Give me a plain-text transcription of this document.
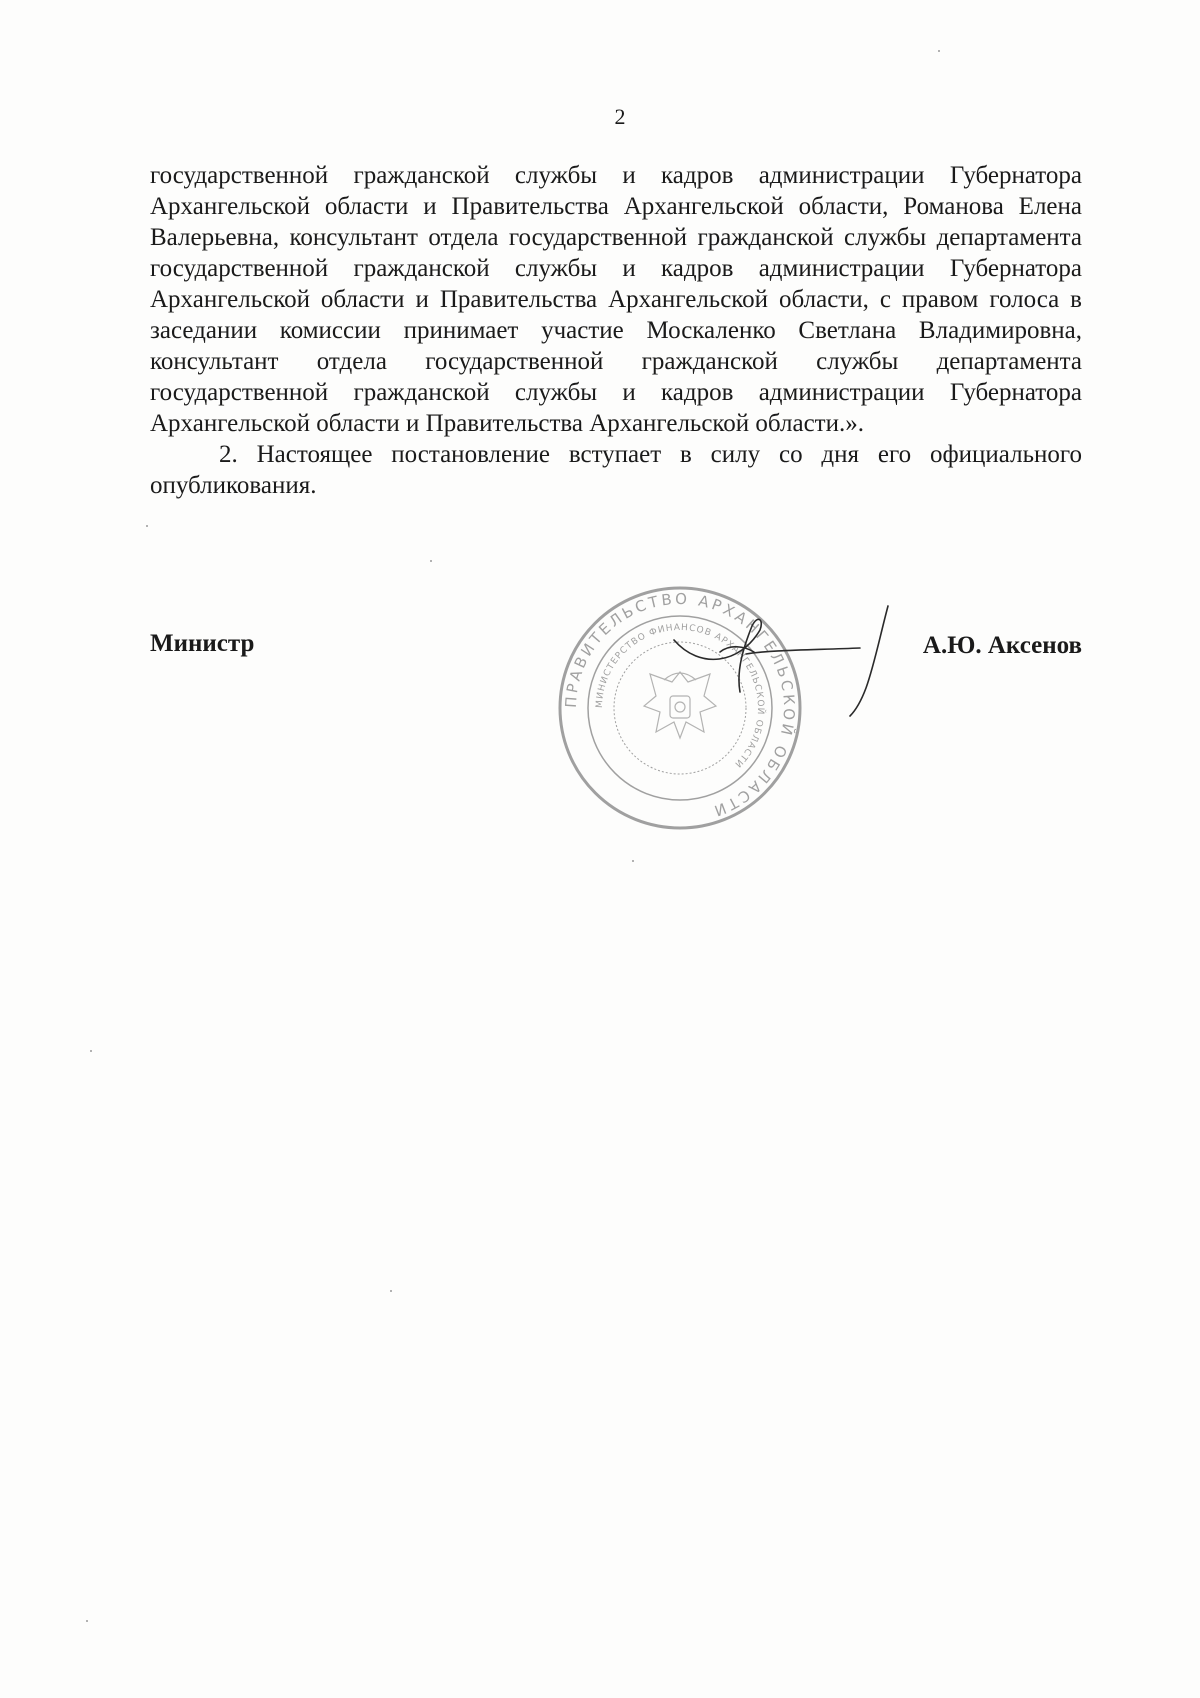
2

государственной гражданской службы и кадров администрации Губернатора Архангельской области и Правительства Архангельской области, Романова Елена Валерьевна, консультант отдела государственной гражданской службы департамента государственной гражданской службы и кадров администрации Губернатора Архангельской области и Правительства Архангельской области, с правом голоса в заседании комиссии принимает участие Москаленко Светлана Владимировна, консультант отдела государственной гражданской службы департамента государственной гражданской службы и кадров администрации Губернатора Архангельской области и Правительства Архангельской области.».

2. Настоящее постановление вступает в силу со дня его официального опубликования.

ПРАВИТЕЛЬСТВО АРХАНГЕЛЬСКОЙ ОБЛАСТИ
МИНИСТЕРСТВО ФИНАНСОВ АРХАНГЕЛЬСКОЙ ОБЛАСТИ
Министр	А.Ю. Аксенов
